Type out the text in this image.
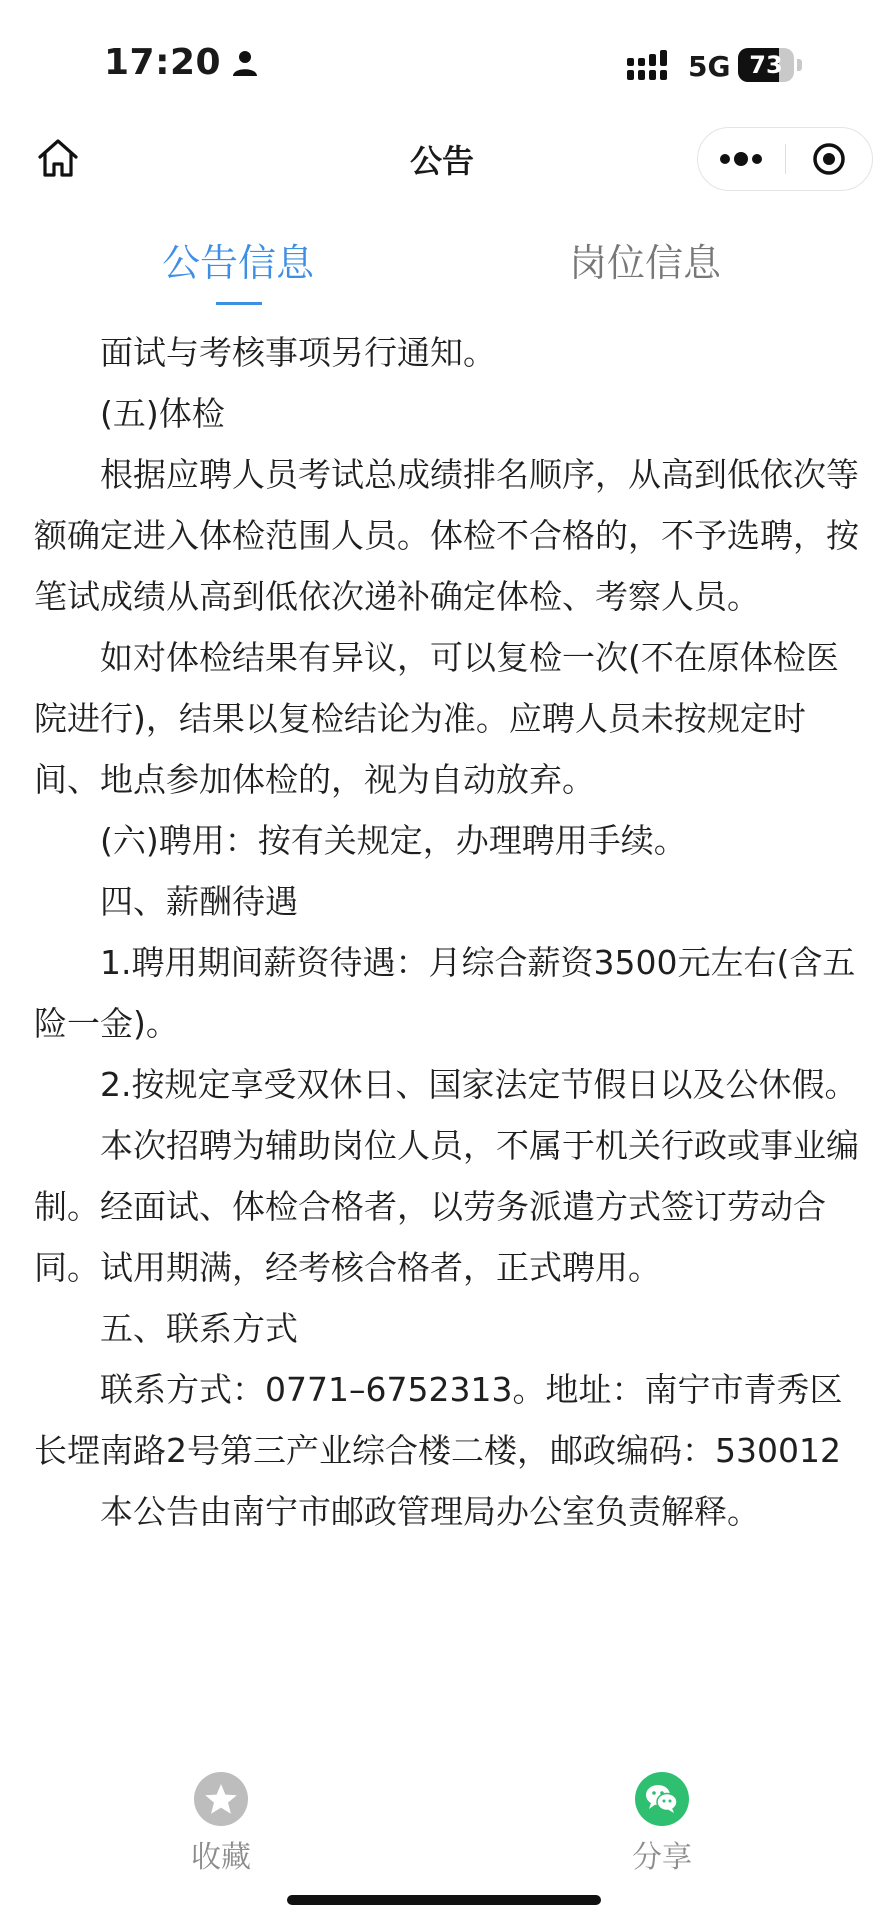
17:20	5G 73
公告
公告信息	岗位信息

面试与考核事项另行通知。

(五)体检

根据应聘人员考试总成绩排名顺序，从高到低依次等额确定进入体检范围人员。体检不合格的，不予选聘，按笔试成绩从高到低依次递补确定体检、考察人员。

如对体检结果有异议，可以复检一次(不在原体检医院进行)，结果以复检结论为准。应聘人员未按规定时间、地点参加体检的，视为自动放弃。

(六)聘用：按有关规定，办理聘用手续。

四、薪酬待遇

1.聘用期间薪资待遇：月综合薪资3500元左右(含五险一金)。

2.按规定享受双休日、国家法定节假日以及公休假。

本次招聘为辅助岗位人员，不属于机关行政或事业编制。经面试、体检合格者，以劳务派遣方式签订劳动合同。试用期满，经考核合格者，正式聘用。

五、联系方式

联系方式：0771–6752313。地址：南宁市青秀区长堽南路2号第三产业综合楼二楼，邮政编码：530012

本公告由南宁市邮政管理局办公室负责解释。

收藏	分享
